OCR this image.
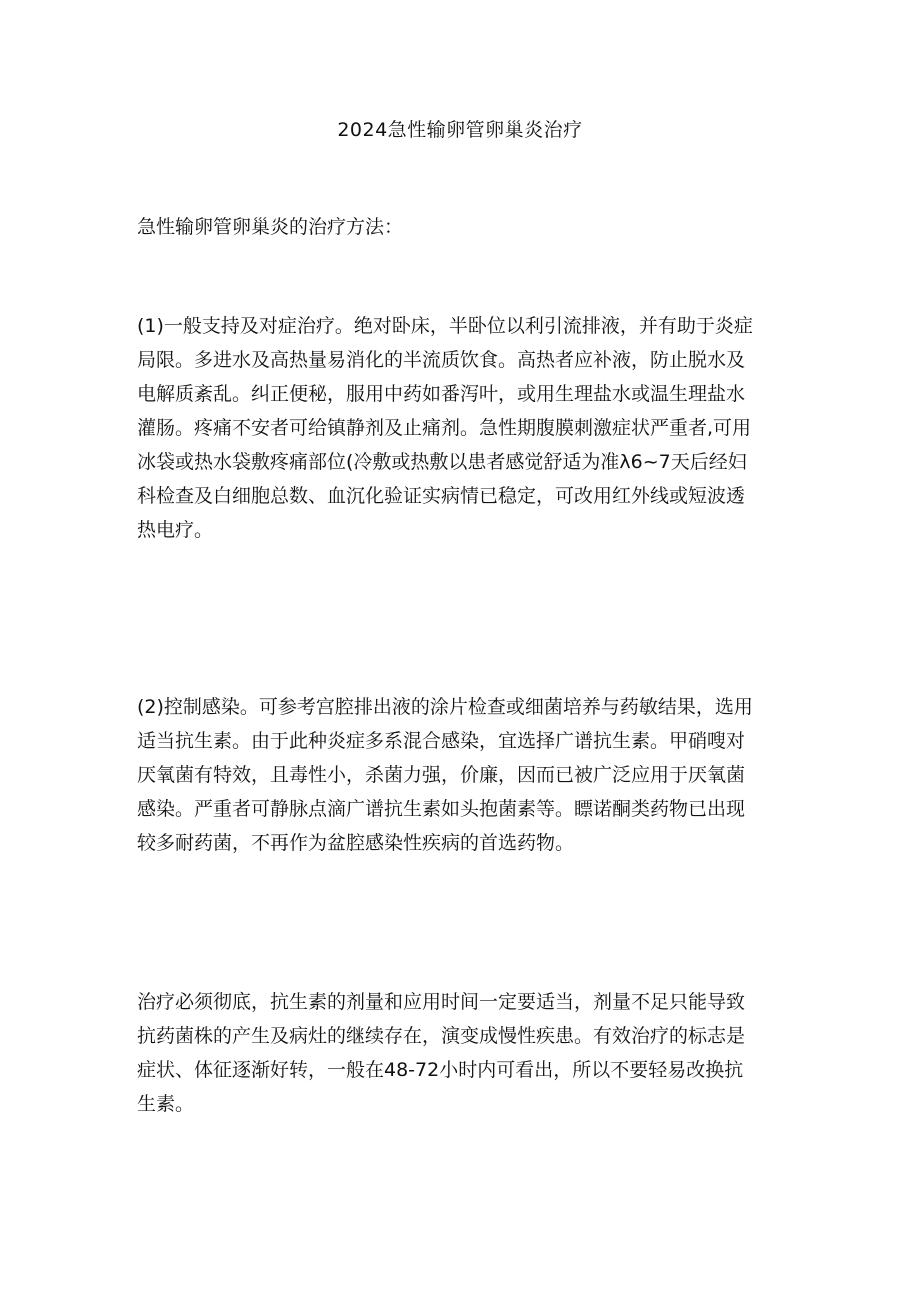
2024急性输卵管卵巢炎治疗

急性输卵管卵巢炎的治疗方法：

(1)一般支持及对症治疗。绝对卧床，半卧位以利引流排液，并有助于炎症
局限。多进水及高热量易消化的半流质饮食。高热者应补液，防止脱水及
电解质紊乱。纠正便秘，服用中药如番泻叶，或用生理盐水或温生理盐水
灌肠。疼痛不安者可给镇静剂及止痛剂。急性期腹膜刺激症状严重者,可用
冰袋或热水袋敷疼痛部位(冷敷或热敷以患者感觉舒适为准λ6~7天后经妇
科检查及白细胞总数、血沉化验证实病情已稳定，可改用红外线或短波透
热电疗。

(2)控制感染。可参考宫腔排出液的涂片检查或细菌培养与药敏结果，选用
适当抗生素。由于此种炎症多系混合感染，宜选择广谱抗生素。甲硝嗖对
厌氧菌有特效，且毒性小，杀菌力强，价廉，因而已被广泛应用于厌氧菌
感染。严重者可静脉点滴广谱抗生素如头抱菌素等。瞟诺酮类药物已出现
较多耐药菌，不再作为盆腔感染性疾病的首选药物。

治疗必须彻底，抗生素的剂量和应用时间一定要适当，剂量不足只能导致
抗药菌株的产生及病灶的继续存在，演变成慢性疾患。有效治疗的标志是
症状、体征逐渐好转，一般在48-72小时内可看出，所以不要轻易改换抗
生素。
